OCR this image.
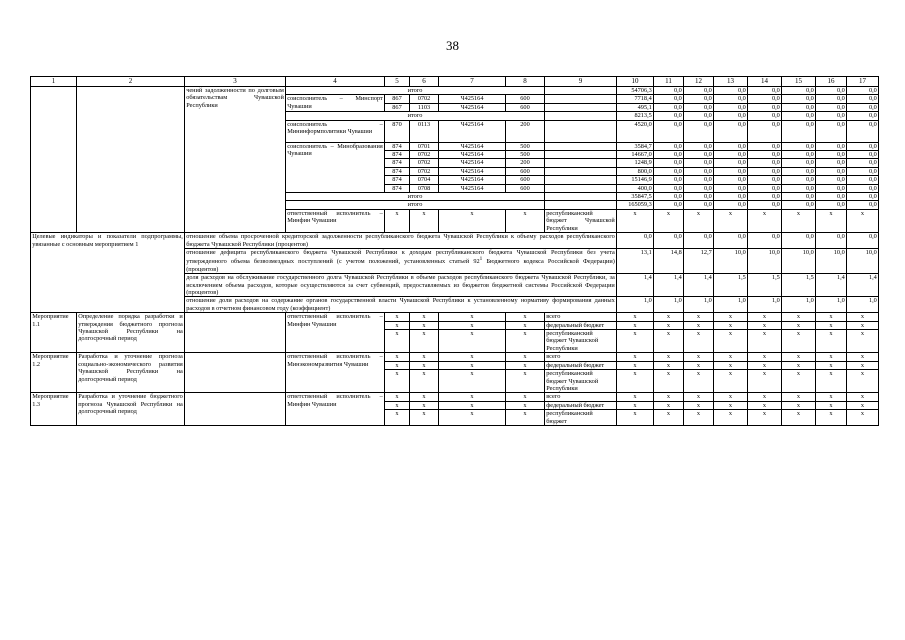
38
1	2	3	4	5	6	7	8	9	10	11	12	13	14	15	16	17
		чений задолженности по долговым обязательствам Чувашской Республики	итого						54706,3	0,0	0,0	0,0	0,0	0,0	0,0	0,0
			соисполнитель – Минспорт Чувашии	867	0702	Ч425164	600		7718,4	0,0	0,0	0,0	0,0	0,0	0,0	0,0
				867	1103	Ч425164	600		495,1	0,0	0,0	0,0	0,0	0,0	0,0	0,0
			итого						8213,5	0,0	0,0	0,0	0,0	0,0	0,0	0,0
			соисполнитель – Мининформполитики Чувашии	870	0113	Ч425164	200		4520,0	0,0	0,0	0,0	0,0	0,0	0,0	0,0
			соисполнитель – Минобразования Чувашии	874	0701	Ч425164	500		3584,7	0,0	0,0	0,0	0,0	0,0	0,0	0,0
				874	0702	Ч425164	500		14667,0	0,0	0,0	0,0	0,0	0,0	0,0	0,0
				874	0702	Ч425164	200		1248,9	0,0	0,0	0,0	0,0	0,0	0,0	0,0
				874	0702	Ч425164	600		800,0	0,0	0,0	0,0	0,0	0,0	0,0	0,0
				874	0704	Ч425164	600		15146,9	0,0	0,0	0,0	0,0	0,0	0,0	0,0
				874	0708	Ч425164	600		400,0	0,0	0,0	0,0	0,0	0,0	0,0	0,0
			итого						35847,5	0,0	0,0	0,0	0,0	0,0	0,0	0,0
			итого						165059,3	0,0	0,0	0,0	0,0	0,0	0,0	0,0
			ответственный исполнитель – Минфин Чувашии	x	x	x	x	республиканский бюджет Чувашской Республики	x	x	x	x	x	x	x	x
Целевые индикаторы и показатели подпрограммы, увязанные с основным мероприятием 1		отношение объема просроченной кредиторской задолженности республиканского бюджета Чувашской Республики к объему расходов республиканского бюджета Чувашской Республики (процентов)							0,0	0,0	0,0	0,0	0,0	0,0	0,0	0,0
		отношение дефицита республиканского бюджета Чувашской Республики к доходам республиканского бюджета Чувашской Республики без учета утвержденного объема безвозмездных поступлений (с учетом положений, установленных статьей $92^1$ Бюджетного кодекса Российской Федерации) (процентов)							13,1	14,8	12,7	10,0	10,0	10,0	10,0	10,0
		доля расходов на обслуживание государственного долга Чувашской Республики в объеме расходов республиканского бюджета Чувашской Республики, за исключением объема расходов, которые осуществляются за счет субвенций, предоставляемых из бюджетов бюджетной системы Российской Федерации (процентов)							1,4	1,4	1,4	1,5	1,5	1,5	1,4	1,4
		отношение доли расходов на содержание органов государственной власти Чувашской Республики к установленному нормативу формирования данных расходов в отчетном финансовом году (коэффициент)							1,0	1,0	1,0	1,0	1,0	1,0	1,0	1,0
Мероприятие 1.1	Определение порядка разработки и утверждения бюджетного прогноза Чувашской Республики на долгосрочный период		ответственный исполнитель – Минфин Чувашии	x	x	x	x	всего	x	x	x	x	x	x	x	x
				x	x	x	x	федеральный бюджет	x	x	x	x	x	x	x	x
				x	x	x	x	республиканский бюджет Чувашской Республики	x	x	x	x	x	x	x	x
Мероприятие 1.2	Разработка и уточнение прогноза социально-экономического развития Чувашской Республики на долгосрочный период		ответственный исполнитель – Минэкономразвития Чувашии	x	x	x	x	всего	x	x	x	x	x	x	x	x
				x	x	x	x	федеральный бюджет	x	x	x	x	x	x	x	x
				x	x	x	x	республиканский бюджет Чувашской Республики	x	x	x	x	x	x	x	x
Мероприятие 1.3	Разработка и уточнение бюджетного прогноза Чувашской Республики на долгосрочный период		ответственный исполнитель – Минфин Чувашии	x	x	x	x	всего	x	x	x	x	x	x	x	x
				x	x	x	x	федеральный бюджет	x	x	x	x	x	x	x	x
				x	x	x	x	республиканский бюджет	x	x	x	x	x	x	x	x
